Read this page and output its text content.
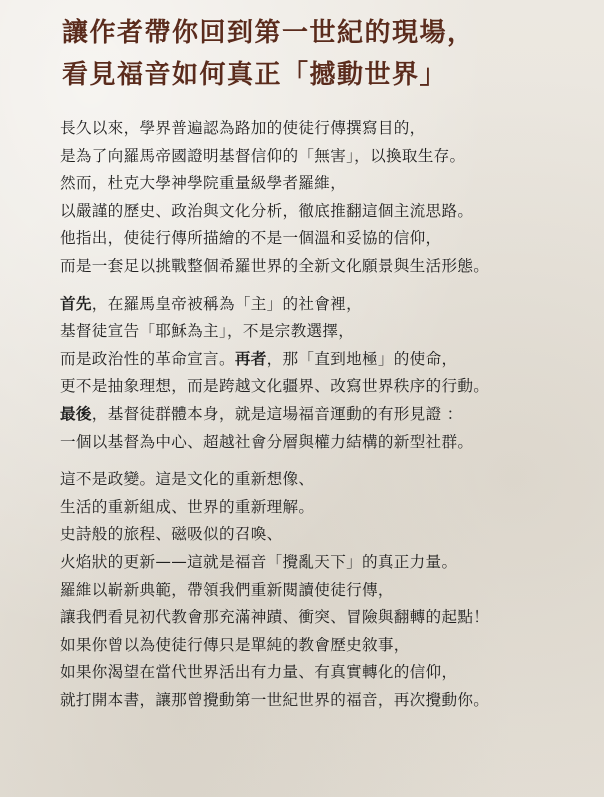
讓作者帶你回到第一世紀的現場，
看見福音如何真正「撼動世界」
長久以來，學界普遍認為路加的使徒行傳撰寫目的，
是為了向羅馬帝國證明基督信仰的「無害」，以換取生存。
然而，杜克大學神學院重量級學者羅維，
以嚴謹的歷史、政治與文化分析，徹底推翻這個主流思路。
他指出，使徒行傳所描繪的不是一個溫和妥協的信仰，
而是一套足以挑戰整個希羅世界的全新文化願景與生活形態。
首先，在羅馬皇帝被稱為「主」的社會裡，
基督徒宣告「耶穌為主」，不是宗教選擇，
而是政治性的革命宣言。再者，那「直到地極」的使命，
更不是抽象理想，而是跨越文化疆界、改寫世界秩序的行動。
最後，基督徒群體本身，就是這場福音運動的有形見證 ：
一個以基督為中心、超越社會分層與權力結構的新型社群。
這不是政變。這是文化的重新想像、
生活的重新組成、世界的重新理解。
史詩般的旅程、磁吸似的召喚、
火焰狀的更新——這就是福音「攪亂天下」的真正力量。
羅維以嶄新典範，帶領我們重新閱讀使徒行傳，
讓我們看見初代教會那充滿神蹟、衝突、冒險與翻轉的起點！
如果你曾以為使徒行傳只是單純的教會歷史敘事，
如果你渴望在當代世界活出有力量、有真實轉化的信仰，
就打開本書，讓那曾攪動第一世紀世界的福音，再次攪動你。
